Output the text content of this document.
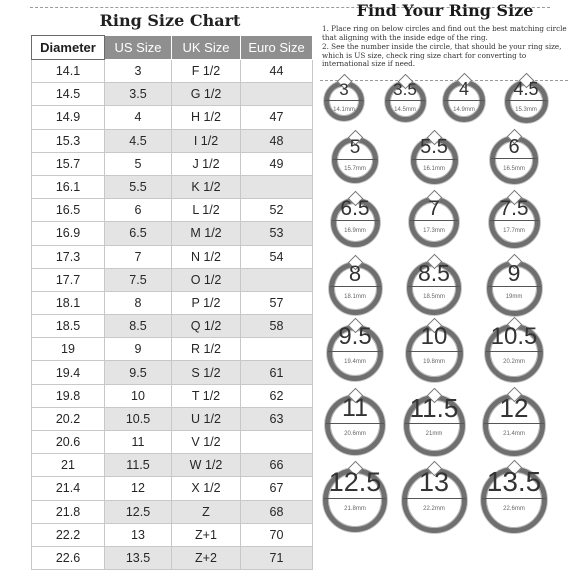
Ring Size Chart
Diameter	US Size	UK Size	Euro Size
14.1	3	F 1/2	44
14.5	3.5	G 1/2	
14.9	4	H 1/2	47
15.3	4.5	I 1/2	48
15.7	5	J 1/2	49
16.1	5.5	K 1/2	
16.5	6	L 1/2	52
16.9	6.5	M 1/2	53
17.3	7	N 1/2	54
17.7	7.5	O 1/2	
18.1	8	P 1/2	57
18.5	8.5	Q 1/2	58
19	9	R 1/2	
19.4	9.5	S 1/2	61
19.8	10	T 1/2	62
20.2	10.5	U 1/2	63
20.6	11	V 1/2	
21	11.5	W 1/2	66
21.4	12	X 1/2	67
21.8	12.5	Z	68
22.2	13	Z+1	70
22.6	13.5	Z+2	71
Find Your Ring Size
1. Place ring on below circles and find out the best matching circle that aligning with the inside edge of the ring.
2. See the number inside the circle, that should be your ring size, which is US size, check ring size chart for converting to international size if need.
3
14.1mm
3.5
14.5mm
4
14.9mm
4.5
15.3mm
5
15.7mm
5.5
16.1mm
6
16.5mm
6.5
16.9mm
7
17.3mm
7.5
17.7mm
8
18.1mm
8.5
18.5mm
9
19mm
9.5
19.4mm
10
19.8mm
10.5
20.2mm
11
20.6mm
11.5
21mm
12
21.4mm
12.5
21.8mm
13
22.2mm
13.5
22.6mm
